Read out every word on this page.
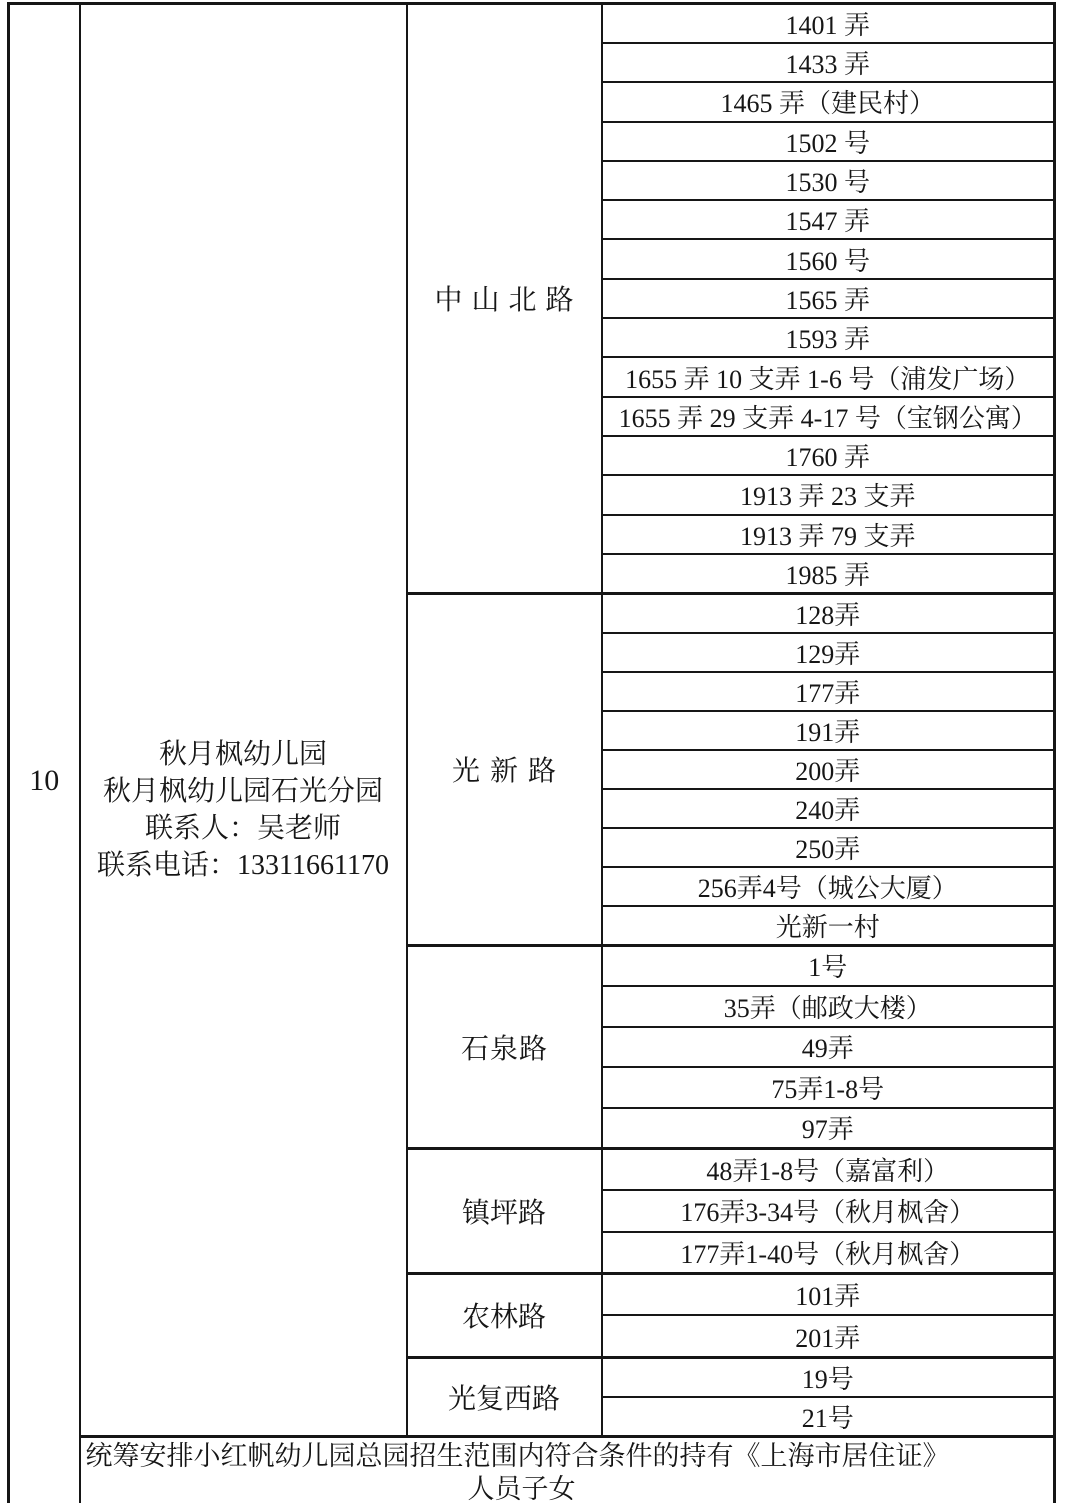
10	秋月枫幼儿园
秋月枫幼儿园石光分园
联系人：吴老师
联系电话：13311661170	中山北路	1401 弄
			1433 弄
			1465 弄（建民村）
			1502 号
			1530 号
			1547 弄
			1560 号
			1565 弄
			1593 弄
			1655 弄 10 支弄 1-6 号（浦发广场）
			1655 弄 29 支弄 4-17 号（宝钢公寓）
			1760 弄
			1913 弄 23 支弄
			1913 弄 79 支弄
			1985 弄
		光新路	128弄
			129弄
			177弄
			191弄
			200弄
			240弄
			250弄
			256弄4号（城公大厦）
			光新一村
		石泉路	1号
			35弄（邮政大楼）
			49弄
			75弄1-8号
			97弄
		镇坪路	48弄1-8号（嘉富利）
			176弄3-34号（秋月枫舍）
			177弄1-40号（秋月枫舍）
		农林路	101弄
			201弄
		光复西路	19号
			21号

	统筹安排小红帆幼儿园总园招生范围内符合条件的持有《上海市居住证》
人员子女		
